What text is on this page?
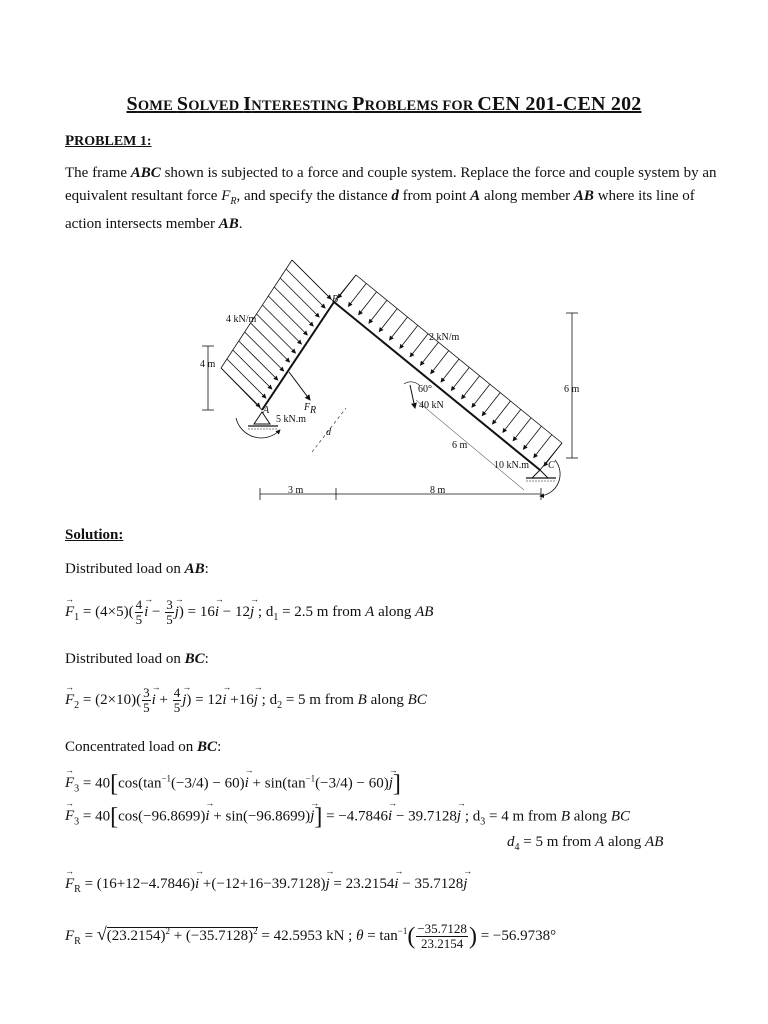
SOME SOLVED INTERESTING PROBLEMS FOR CEN 201-CEN 202
PROBLEM 1:
The frame ABC shown is subjected to a force and couple system. Replace the force and couple system by an equivalent resultant force $F_R$, and specify the distance d from point A along member AB where its line of action intersects member AB.
4 kN/m
2 kN/m
4 m
6 m
B
A
C
F R
5 kN.m
10 kN.m
40 kN
60°
6 m
d
3 m	8 m
Solution:
Distributed load on AB:
→ $F_1 = (4\times 5)( \frac{4}{5}$
→ $i - \frac{3}{5}$
→ j) = 16→ i − 12→ j ; $d_1 = 2.5$ m from A along AB
Distributed load on BC:
→ $F_2 = (2\times 10)( \frac{3}{5}$
→ $i + \frac{4}{5}$
→ j) = 12→ i +16→ j ; $d_2 = 5$ m from B along BC
Concentrated load on BC:
→ $F_3 = 40[\cos(\tan^{-1}(-3/4) - 60)\to i + \sin(\tan^{-1}(-3/4) - 60)\to j]$
→ $F_3 = 40[\cos(-96.8699)\to i + \sin(-96.8699)\to j] = -4.7846\to i - 39.7128\to j$ ; $d_3 = 4$ m from B along BC
$d_4 = 5$ m from A along AB
→ $F_R = (16+12-4.7846)\to i +(-12+16-39.7128)\to j = 23.2154\to i - 35.7128\to j$
$F_R = √(23.2154)^2 + (-35.7128)^2 = 42.5953$ kN ; $\theta = \tan^{-1}( \frac{-35.7128}{23.2154}$ ) = −56.9738°
